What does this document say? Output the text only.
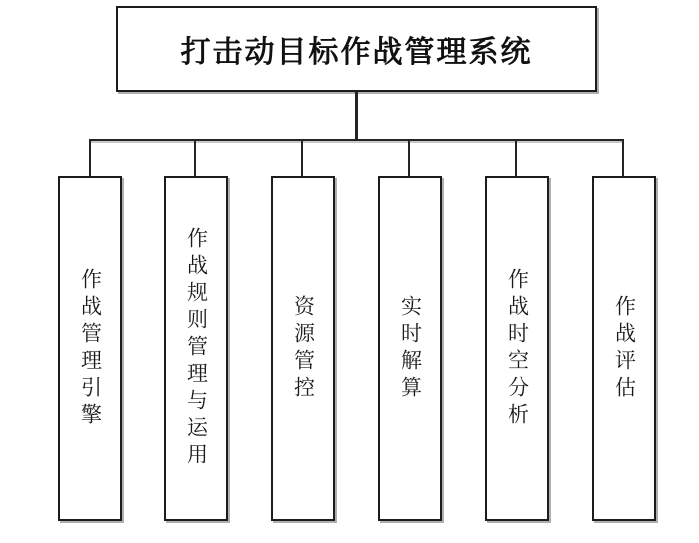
打击动目标作战管理系统
作战管理引擎	作战规则管理与运用	资源管控	实时解算	作战时空分析	作战评估
